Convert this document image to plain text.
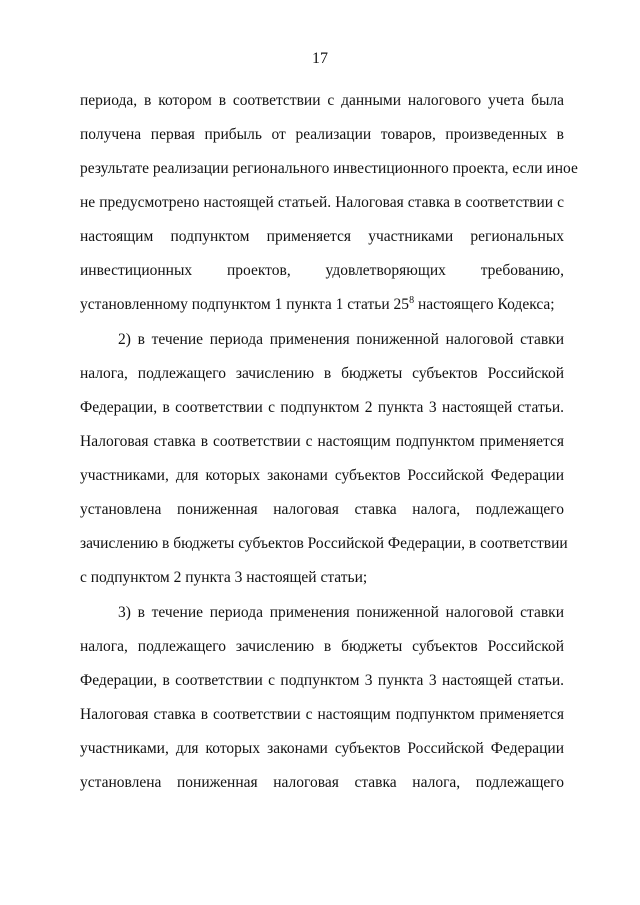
17
периода, в котором в соответствии с данными налогового учета была
получена первая прибыль от реализации товаров, произведенных в
результате реализации регионального инвестиционного проекта, если иное
не предусмотрено настоящей статьей. Налоговая ставка в соответствии с
настоящим подпунктом применяется участниками региональных
инвестиционных проектов, удовлетворяющих требованию,
установленному подпунктом 1 пункта 1 статьи $25^8$ настоящего Кодекса;
2) в течение периода применения пониженной налоговой ставки
налога, подлежащего зачислению в бюджеты субъектов Российской
Федерации, в соответствии с подпунктом 2 пункта 3 настоящей статьи.
Налоговая ставка в соответствии с настоящим подпунктом применяется
участниками, для которых законами субъектов Российской Федерации
установлена пониженная налоговая ставка налога, подлежащего
зачислению в бюджеты субъектов Российской Федерации, в соответствии
с подпунктом 2 пункта 3 настоящей статьи;
3) в течение периода применения пониженной налоговой ставки
налога, подлежащего зачислению в бюджеты субъектов Российской
Федерации, в соответствии с подпунктом 3 пункта 3 настоящей статьи.
Налоговая ставка в соответствии с настоящим подпунктом применяется
участниками, для которых законами субъектов Российской Федерации
установлена пониженная налоговая ставка налога, подлежащего
